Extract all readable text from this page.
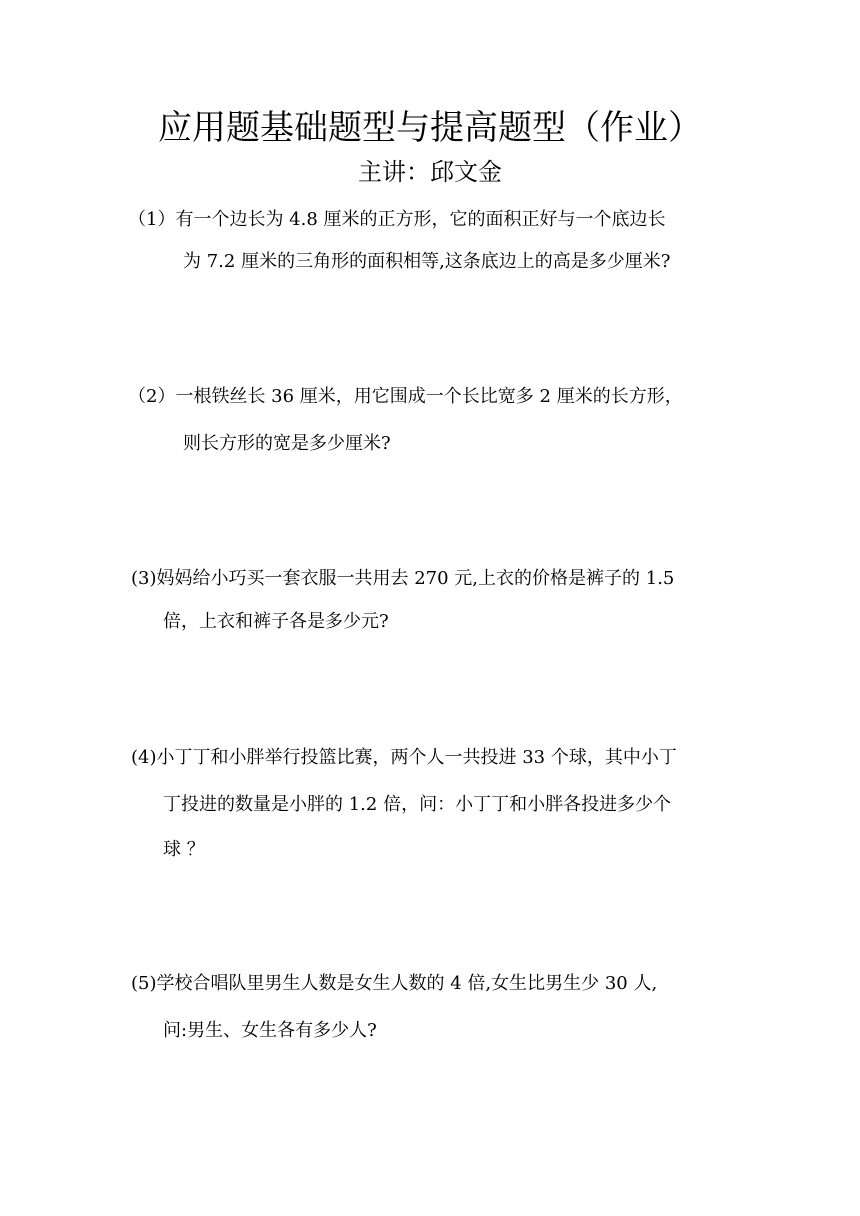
应用题基础题型与提高题型（作业）
主讲：邱文金
（1）有一个边长为 4.8 厘米的正方形，它的面积正好与一个底边长
为 7.2 厘米的三角形的面积相等,这条底边上的高是多少厘米?
（2）一根铁丝长 36 厘米，用它围成一个长比宽多 2 厘米的长方形，
则长方形的宽是多少厘米?
(3)妈妈给小巧买一套衣服一共用去 270 元,上衣的价格是裤子的 1.5
倍，上衣和裤子各是多少元?
(4)小丁丁和小胖举行投篮比赛，两个人一共投进 33 个球，其中小丁
丁投进的数量是小胖的 1.2 倍，问：小丁丁和小胖各投进多少个
球 ？
(5)学校合唱队里男生人数是女生人数的 4 倍,女生比男生少 30 人,
问:男生、女生各有多少人?
